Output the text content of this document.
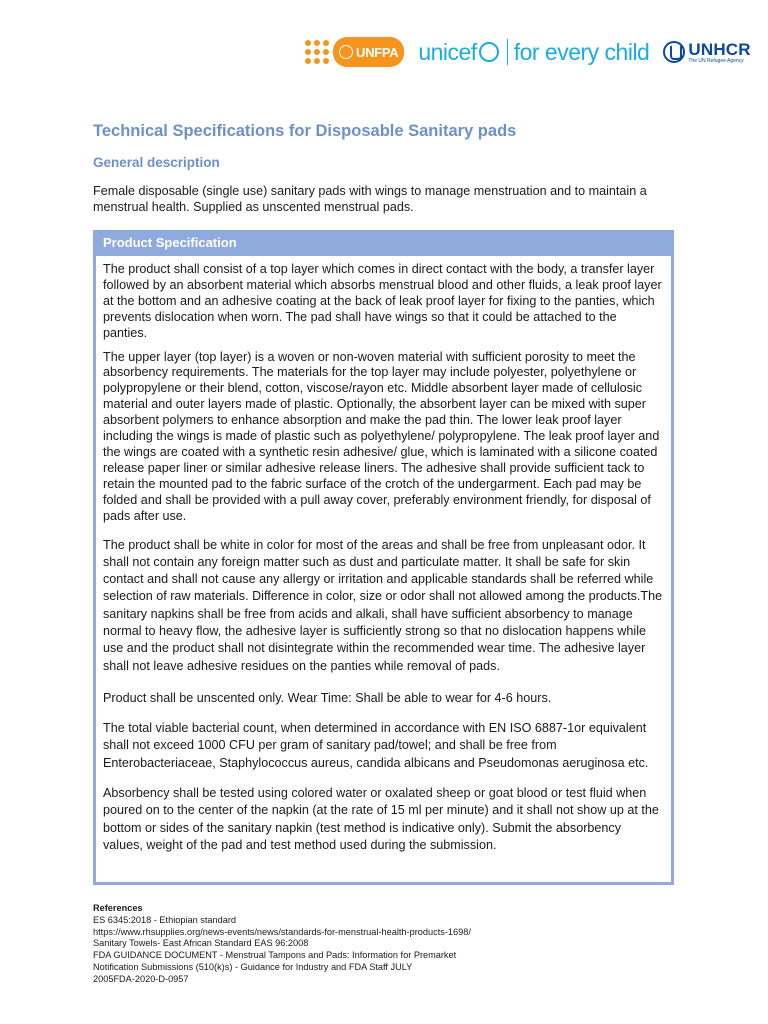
UNFPA unicef for every child UNHCR
The UN Refugee Agency
Technical Specifications for Disposable Sanitary pads
General description

Female disposable (single use) sanitary pads with wings to manage menstruation and to maintain a menstrual health. Supplied as unscented menstrual pads.

Product Specification

The product shall consist of a top layer which comes in direct contact with the body, a transfer layer followed by an absorbent material which absorbs menstrual blood and other fluids, a leak proof layer at the bottom and an adhesive coating at the back of leak proof layer for fixing to the panties, which prevents dislocation when worn. The pad shall have wings so that it could be attached to the panties.

The upper layer (top layer) is a woven or non-woven material with sufficient porosity to meet the absorbency requirements. The materials for the top layer may include polyester, polyethylene or polypropylene or their blend, cotton, viscose/rayon etc. Middle absorbent layer made of cellulosic material and outer layers made of plastic. Optionally, the absorbent layer can be mixed with super absorbent polymers to enhance absorption and make the pad thin. The lower leak proof layer including the wings is made of plastic such as polyethylene/ polypropylene. The leak proof layer and the wings are coated with a synthetic resin adhesive/ glue, which is laminated with a silicone coated release paper liner or similar adhesive release liners. The adhesive shall provide sufficient tack to retain the mounted pad to the fabric surface of the crotch of the undergarment. Each pad may be folded and shall be provided with a pull away cover, preferably environment friendly, for disposal of pads after use.

The product shall be white in color for most of the areas and shall be free from unpleasant odor. It shall not contain any foreign matter such as dust and particulate matter. It shall be safe for skin contact and shall not cause any allergy or irritation and applicable standards shall be referred while selection of raw materials. Difference in color, size or odor shall not allowed among the products.The sanitary napkins shall be free from acids and alkali, shall have sufficient absorbency to manage normal to heavy flow, the adhesive layer is sufficiently strong so that no dislocation happens while use and the product shall not disintegrate within the recommended wear time. The adhesive layer shall not leave adhesive residues on the panties while removal of pads.

Product shall be unscented only. Wear Time: Shall be able to wear for 4-6 hours.

The total viable bacterial count, when determined in accordance with EN ISO 6887-1or equivalent shall not exceed 1000 CFU per gram of sanitary pad/towel; and shall be free from Enterobacteriaceae, Staphylococcus aureus, candida albicans and Pseudomonas aeruginosa etc.

Absorbency shall be tested using colored water or oxalated sheep or goat blood or test fluid when poured on to the center of the napkin (at the rate of 15 ml per minute) and it shall not show up at the bottom or sides of the sanitary napkin (test method is indicative only). Submit the absorbency values, weight of the pad and test method used during the submission.

References
ES 6345:2018 - Ethiopian standard
https://www.rhsupplies.org/news-events/news/standards-for-menstrual-health-products-1698/
Sanitary Towels- East African Standard EAS 96:2008
FDA GUIDANCE DOCUMENT - Menstrual Tampons and Pads: Information for Premarket
Notification Submissions (510(k)s) - Guidance for Industry and FDA Staff JULY
2005FDA-2020-D-0957
